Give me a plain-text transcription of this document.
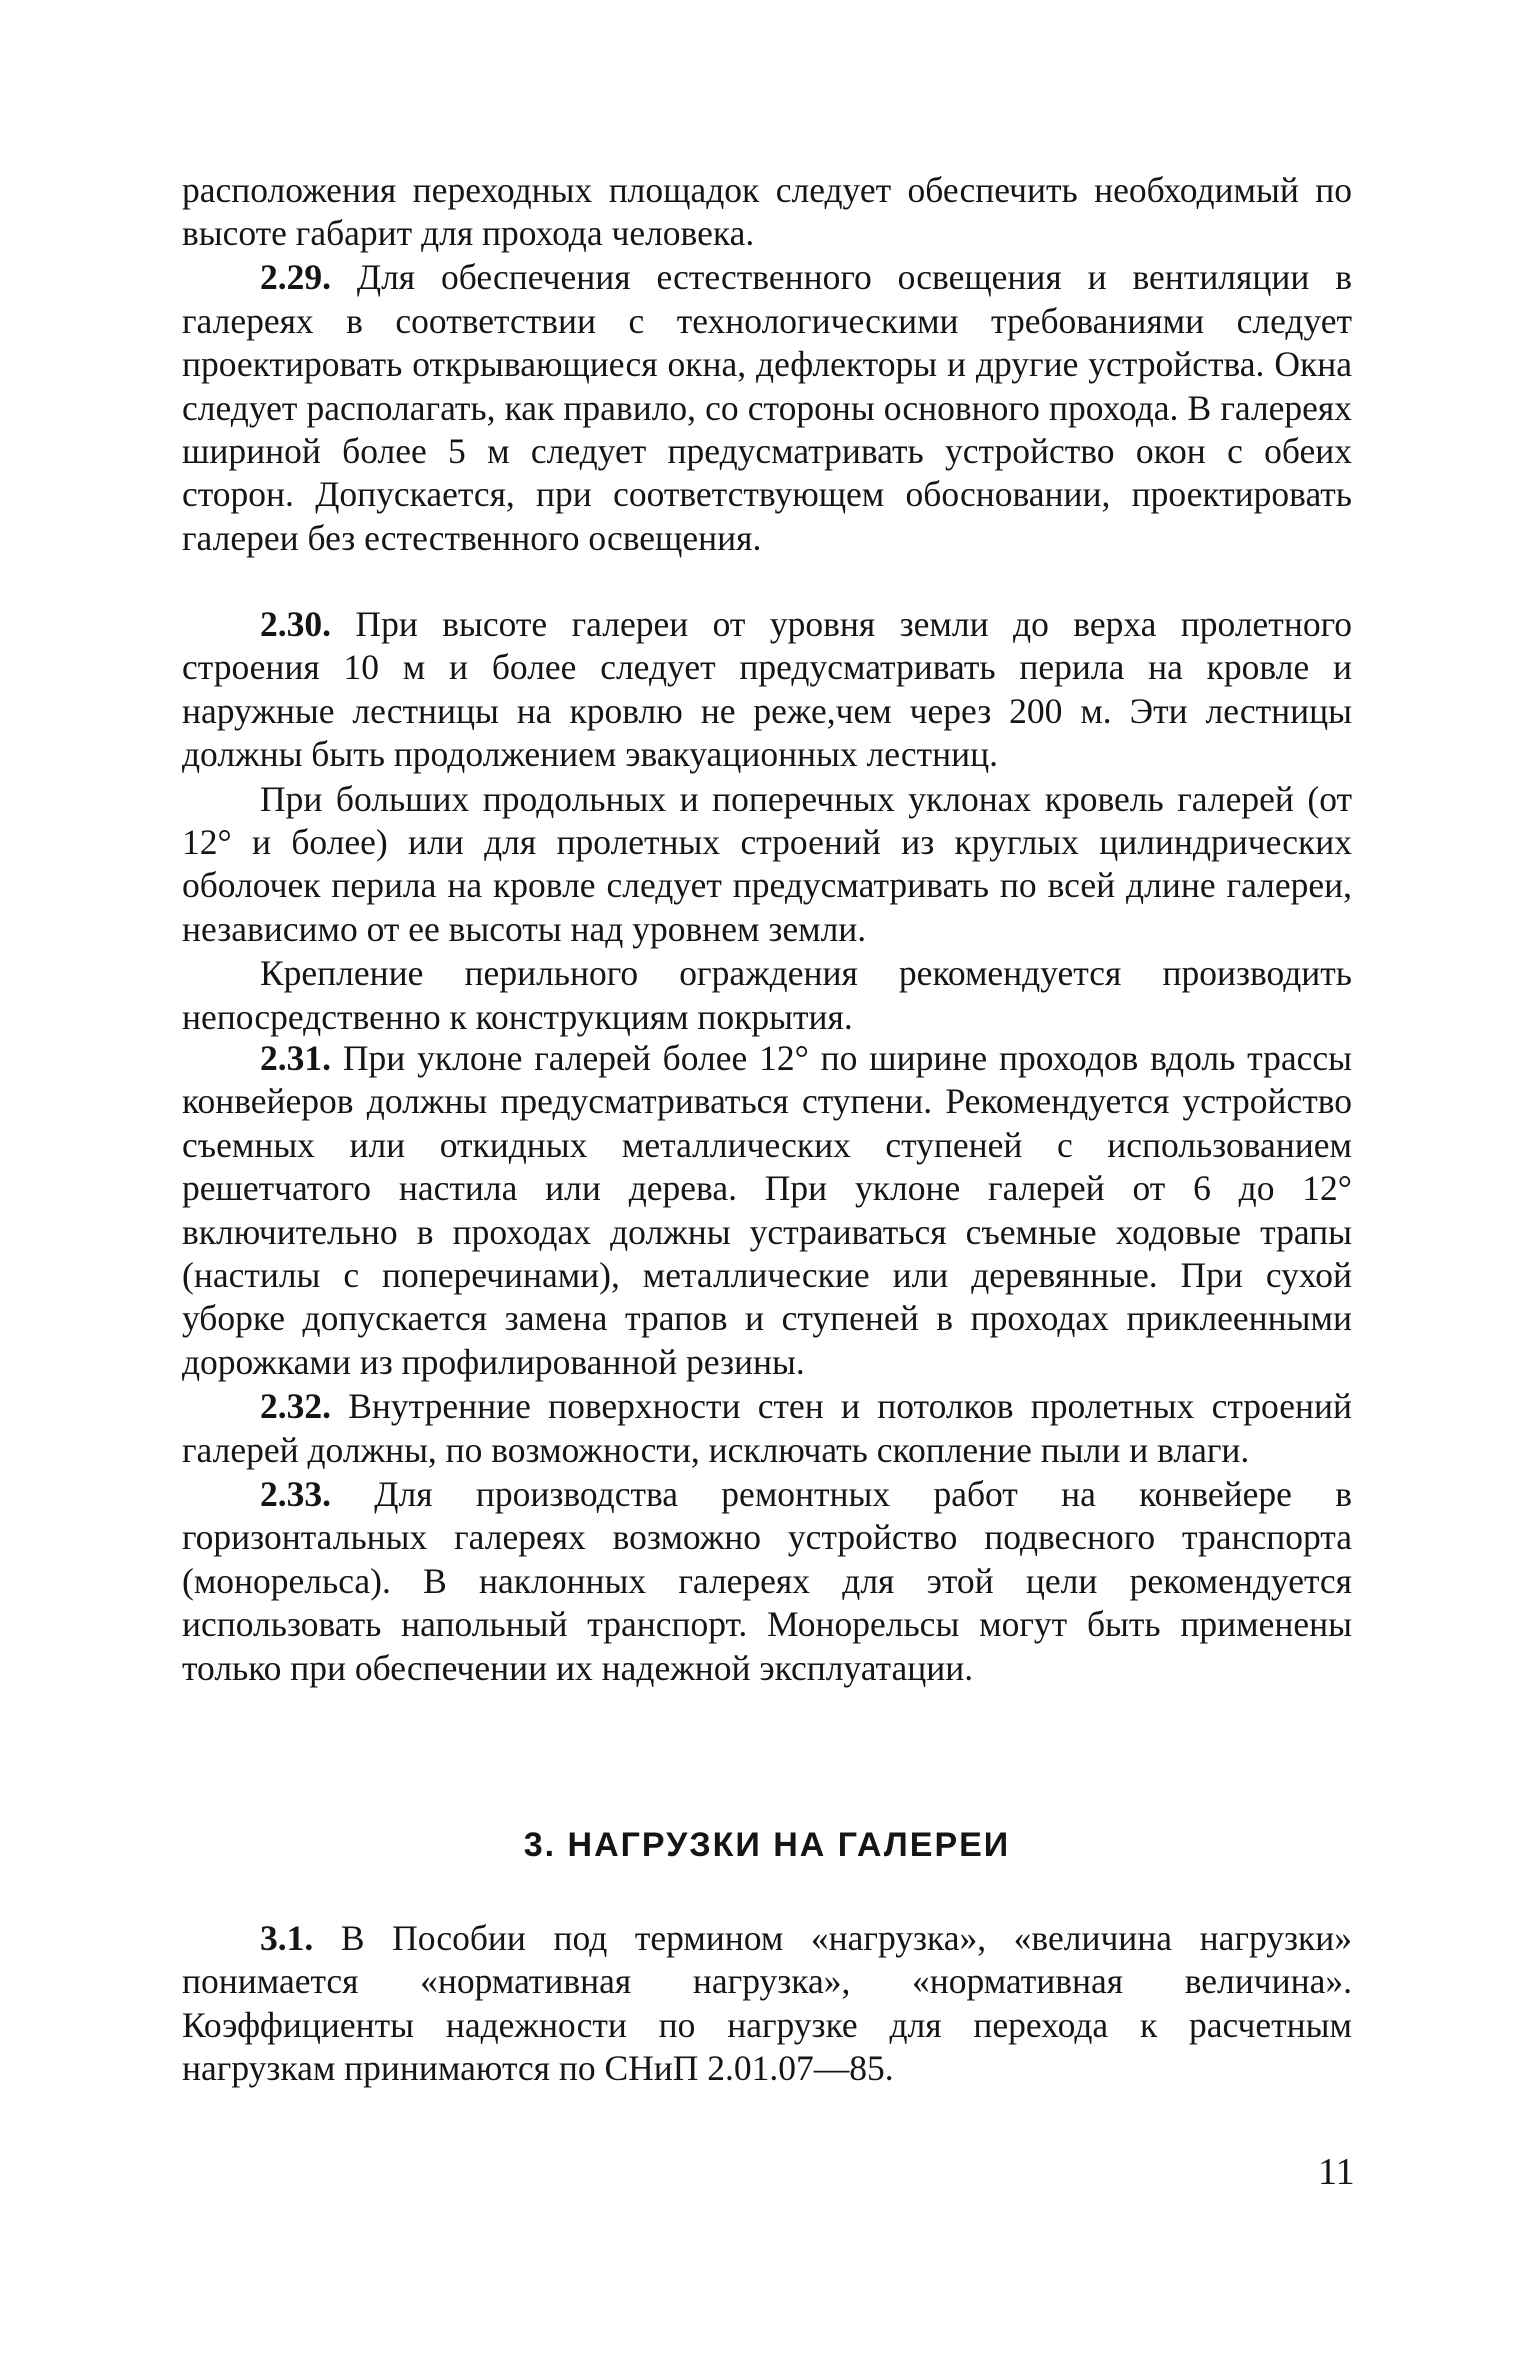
расположения переходных площадок следует обеспечить необходимый по высоте габарит для прохода человека.

2.29. Для обеспечения естественного освещения и вентиляции в галереях в соответствии с технологическими требованиями следует проектировать открывающиеся окна, дефлекторы и другие устройства. Окна следует располагать, как правило, со стороны основного прохода. В галереях шириной более 5 м следует предусматривать устройство окон с обеих сторон. Допускается, при соответствующем обосновании, проектировать галереи без естественного освещения.

2.30. При высоте галереи от уровня земли до верха пролетного строения 10 м и более следует предусматривать перила на кровле и наружные лестницы на кровлю не реже,чем через 200 м. Эти лестницы должны быть продолжением эвакуационных лестниц.

При больших продольных и поперечных уклонах кровель галерей (от 12° и более) или для пролетных строений из круглых цилиндрических оболочек перила на кровле следует предусматривать по всей длине галереи, независимо от ее высоты над уровнем земли.

Крепление перильного ограждения рекомендуется производить непосредственно к конструкциям покрытия.

2.31. При уклоне галерей более 12° по ширине проходов вдоль трассы конвейеров должны предусматриваться ступени. Рекомендуется устройство съемных или откидных металлических ступеней с использованием решетчатого настила или дерева. При уклоне галерей от 6 до 12° включительно в проходах должны устраиваться съемные ходовые трапы (настилы с поперечинами), металлические или деревянные. При сухой уборке допускается замена трапов и ступеней в проходах приклеенными дорожками из профилированной резины.

2.32. Внутренние поверхности стен и потолков пролетных строений галерей должны, по возможности, исключать скопление пыли и влаги.

2.33. Для производства ремонтных работ на конвейере в горизонтальных галереях возможно устройство подвесного транспорта (монорельса). В наклонных галереях для этой цели рекомендуется использовать напольный транспорт. Монорельсы могут быть применены только при обеспечении их надежной эксплуатации.

3. НАГРУЗКИ НА ГАЛЕРЕИ

3.1. В Пособии под термином «нагрузка», «величина нагрузки» понимается «нормативная нагрузка», «нормативная величина». Коэффициенты надежности по нагрузке для перехода к расчетным нагрузкам принимаются по СНиП 2.01.07—85.

11
